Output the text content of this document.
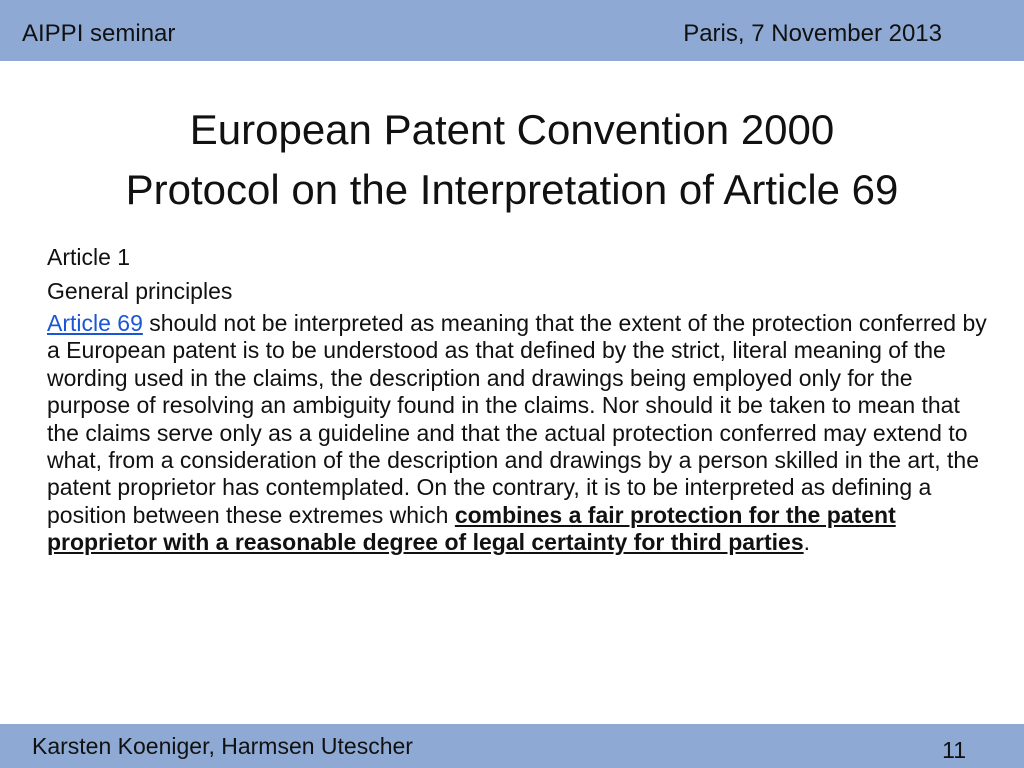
AIPPI seminar	Paris, 7 November 2013
European Patent Convention 2000
Protocol on the Interpretation of Article 69
Article 1
General principles
Article 69 should not be interpreted as meaning that the extent of the protection conferred by a European patent is to be understood as that defined by the strict, literal meaning of the wording used in the claims, the description and drawings being employed only for the purpose of resolving an ambiguity found in the claims. Nor should it be taken to mean that the claims serve only as a guideline and that the actual protection conferred may extend to what, from a consideration of the description and drawings by a person skilled in the art, the patent proprietor has contemplated. On the contrary, it is to be interpreted as defining a position between these extremes which combines a fair protection for the patent proprietor with a reasonable degree of legal certainty for third parties.
Karsten Koeniger, Harmsen Utescher	11
